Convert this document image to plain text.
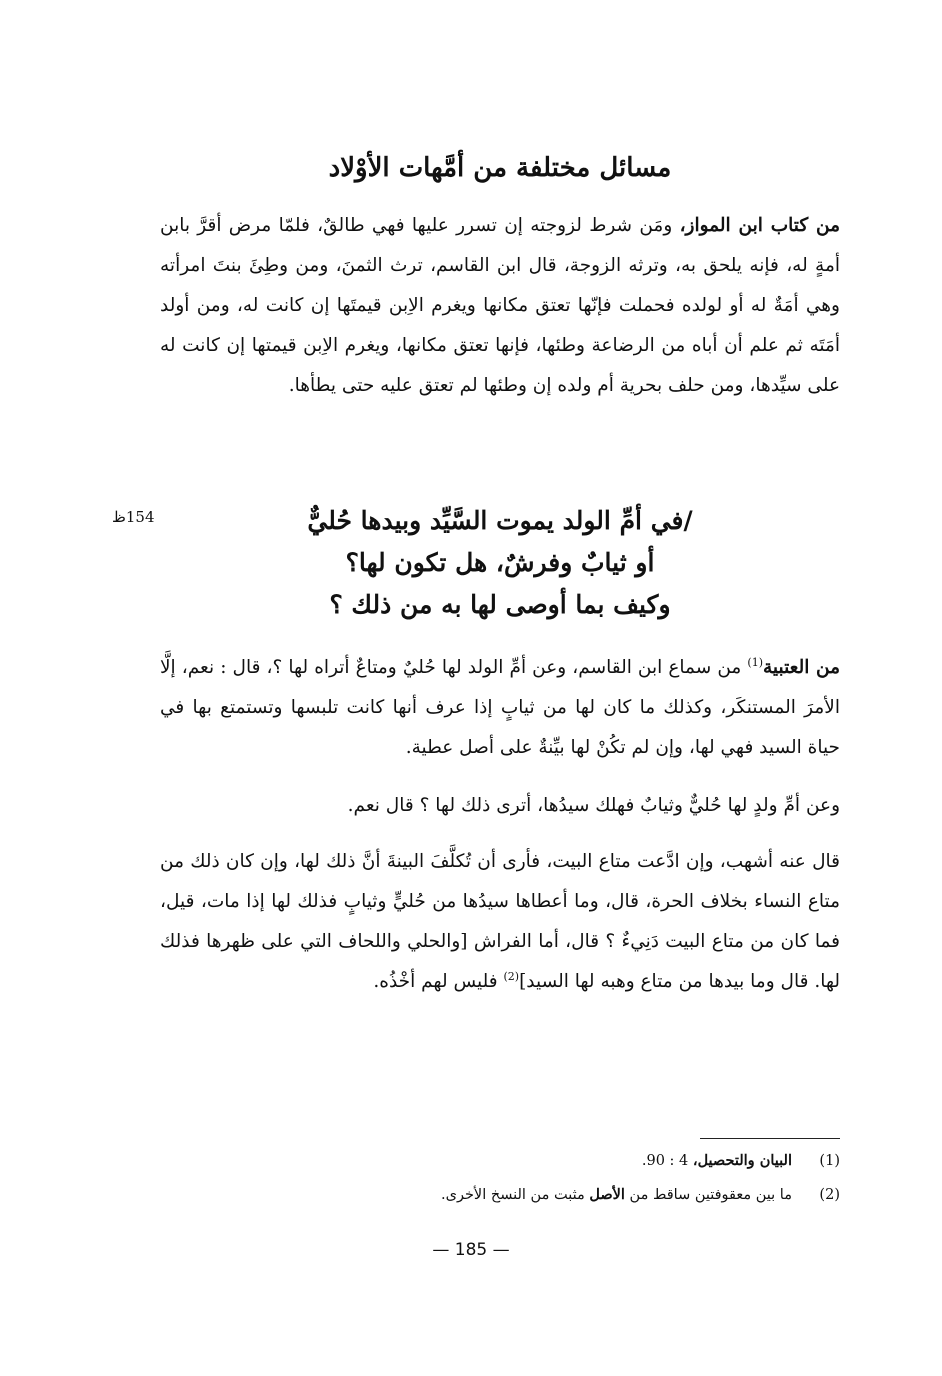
مسائل مختلفة من أمَّهات الأوْلاد
من كتاب ابن المواز، ومَن شرط لزوجته إن تسرر عليها فهي طالقٌ، فلمّا مرض أقرَّ بابن أمةٍ له، فإنه يلحق به، وترثه الزوجة، قال ابن القاسم، ترث الثمنَ، ومن وطِئَ بنتَ امرأته وهي أمَةٌ له أو لولده فحملت فإنّها تعتق مكانها ويغرم الاِبن قيمتَها إن كانت له، ومن أولد أمَتَه ثم علم أن أباه من الرضاعة وطئها، فإنها تعتق مكانها، ويغرم الاِبن قيمتها إن كانت له على سيِّدها، ومن حلف بحرية أم ولده إن وطئها لم تعتق عليه حتى يطأها.
154ظ	/في أمِّ الولد يموت السَّيِّد وبيدها حُليٌّ
أو ثيابٌ وفرشٌ، هل تكون لها؟
وكيف بما أوصى لها به من ذلك ؟
من العتبية$^{(1)}$ من سماع ابن القاسم، وعن أمِّ الولد لها حُليٌ ومتاعٌ أتراه لها ؟، قال : نعم، إلَّا الأمرَ المستنكَر، وكذلك ما كان لها من ثيابٍ إذا عرف أنها كانت تلبسها وتستمتع بها في حياة السيد فهي لها، وإن لم تكُنْ لها بيِّنةٌ على أصل عطية.
وعن أمِّ ولدٍ لها حُليٌّ وثيابٌ فهلك سيدُها، أترى ذلك لها ؟ قال نعم.
قال عنه أشهب، وإن ادَّعت متاع البيت، فأرى أن تُكلَّفَ البينةَ أنَّ ذلك لها، وإن كان ذلك من متاع النساء بخلاف الحرة، قال، وما أعطاها سيدُها من حُليٍّ وثيابٍ فذلك لها إذا مات، قيل، فما كان من متاع البيت دَنِيءٌ ؟ قال، أما الفراش [والحلي واللحاف التي على ظهرها فذلك لها. قال وما بيدها من متاع وهبه لها السيد]$^{(2)}$ فليس لهم أخْذُه.
(1)البيان والتحصيل، 4 : 90.
(2)ما بين معقوفتين ساقط من الأصل مثبت من النسخ الأخرى.
— 185 —
